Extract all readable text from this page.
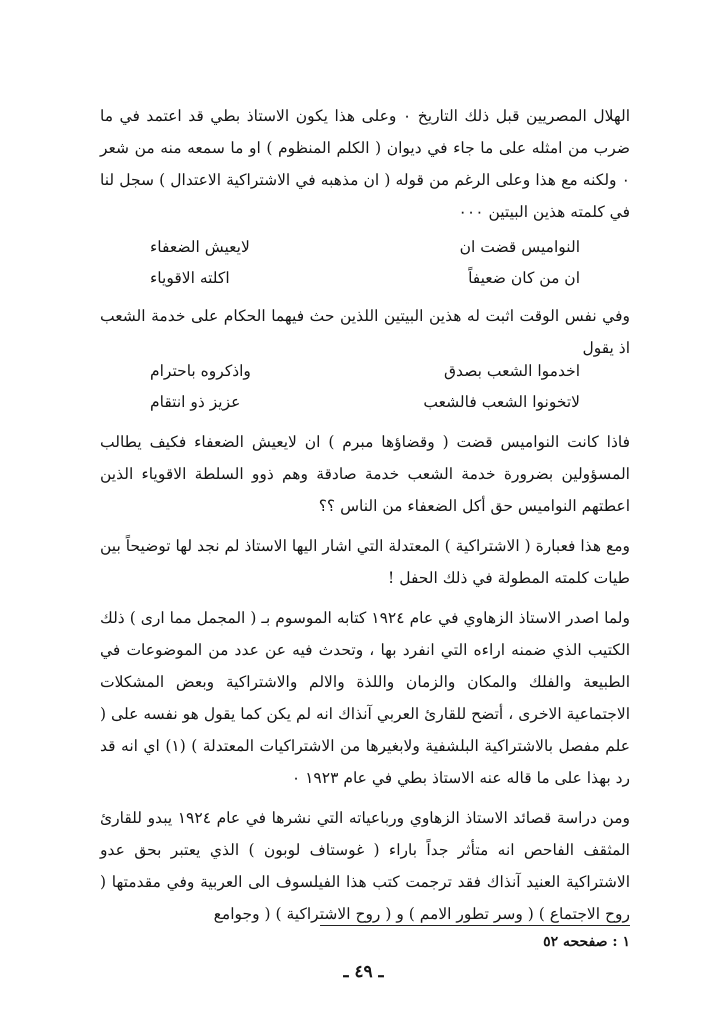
الهلال المصريين قبل ذلك التاريخ ٠ وعلى هذا يكون الاستاذ بطي قد اعتمد في ما ضرب من امثله على ما جاء في ديوان ( الكلم المنظوم ) او ما سمعه منه من شعر ٠ ولكنه مع هذا وعلى الرغم من قوله ( ان مذهبه في الاشتراكية الاعتدال ) سجل لنا في كلمته هذين البيتين ٠٠٠

النواميس قضت ان
لايعيش الضعفاء
ان من كان ضعيفاً
اكلته الاقوياء

وفي نفس الوقت اثبت له هذين البيتين اللذين حث فيهما الحكام على خدمة الشعب اذ يقول

اخدموا الشعب بصدق
واذكروه باحترام
لاتخونوا الشعب فالشعب
عزيز ذو انتقام

فاذا كانت النواميس قضت ( وقضاؤها مبرم ) ان لايعيش الضعفاء فكيف يطالب المسؤولين بضرورة خدمة الشعب خدمة صادقة وهم ذوو السلطة الاقوياء الذين اعطتهم النواميس حق أكل الضعفاء من الناس ؟؟

ومع هذا فعبارة ( الاشتراكية ) المعتدلة التي اشار اليها الاستاذ لم نجد لها توضيحاً بين طيات كلمته المطولة في ذلك الحفل !

ولما اصدر الاستاذ الزهاوي في عام ١٩٢٤ كتابه الموسوم بـ ( المجمل مما ارى ) ذلك الكتيب الذي ضمنه اراءه التي انفرد بها ، وتحدث فيه عن عدد من الموضوعات في الطبيعة والفلك والمكان والزمان واللذة والالم والاشتراكية وبعض المشكلات الاجتماعية الاخرى ، أتضح للقارئ العربي آنذاك انه لم يكن كما يقول هو نفسه على ( علم مفصل بالاشتراكية البلشفية ولابغيرها من الاشتراكيات المعتدلة ) (١) اي انه قد رد بهذا على ما قاله عنه الاستاذ بطي في عام ١٩٢٣ ٠

ومن دراسة قصائد الاستاذ الزهاوي ورباعياته التي نشرها في عام ١٩٢٤ يبدو للقارئ المثقف الفاحص انه متأثر جداً باراء ( غوستاف لوبون ) الذي يعتبر بحق عدو الاشتراكية العنيد آنذاك فقد ترجمت كتب هذا الفيلسوف الى العربية وفي مقدمتها ( روح الاجتماع ) ( وسر تطور الامم ) و ( روح الاشتراكية ) ( وجوامع

١ : صفححه ٥٢
ـ ٤٩ ـ
